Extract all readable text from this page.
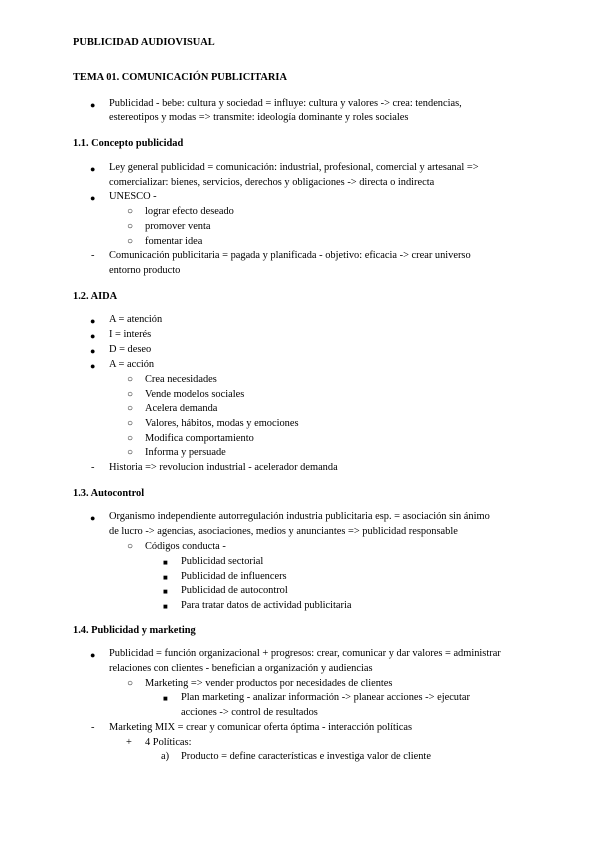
PUBLICIDAD AUDIOVISUAL
TEMA 01. COMUNICACIÓN PUBLICITARIA
● Publicidad - bebe: cultura y sociedad = influye: cultura y valores -> crea: tendencias,
estereotipos y modas => transmite: ideología dominante y roles sociales
1.1. Concepto publicidad
● Ley general publicidad = comunicación: industrial, profesional, comercial y artesanal =>
comercializar: bienes, servicios, derechos y obligaciones -> directa o indirecta
● UNESCO -
○ lograr efecto deseado
○ promover venta
○ fomentar idea
- Comunicación publicitaria = pagada y planificada - objetivo: eficacia -> crear universo
entorno producto
1.2. AIDA
● A = atención
● I = interés
● D = deseo
● A = acción
○ Crea necesidades
○ Vende modelos sociales
○ Acelera demanda
○ Valores, hábitos, modas y emociones
○ Modifica comportamiento
○ Informa y persuade
- Historia => revolucion industrial - acelerador demanda
1.3. Autocontrol
● Organismo independiente autorregulación industria publicitaria esp. = asociación sin ánimo
de lucro -> agencias, asociaciones, medios y anunciantes => publicidad responsable
○ Códigos conducta -
■ Publicidad sectorial
■ Publicidad de influencers
■ Publicidad de autocontrol
■ Para tratar datos de actividad publicitaria
1.4. Publicidad y marketing
● Publicidad = función organizacional + progresos: crear, comunicar y dar valores = administrar
relaciones con clientes - benefician a organización y audiencias
○ Marketing => vender productos por necesidades de clientes
■ Plan marketing - analizar información -> planear acciones -> ejecutar
acciones -> control de resultados
- Marketing MIX = crear y comunicar oferta óptima - interacción políticas
+ 4 Políticas:
a) Producto = define características e investiga valor de cliente
